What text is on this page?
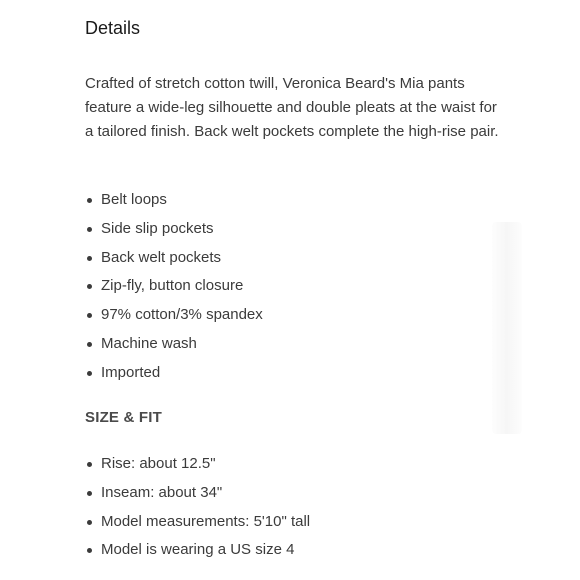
Details

Crafted of stretch cotton twill, Veronica Beard's Mia pants feature a wide-leg silhouette and double pleats at the waist for a tailored finish. Back welt pockets complete the high-rise pair.

Belt loops
Side slip pockets
Back welt pockets
Zip-fly, button closure
97% cotton/3% spandex
Machine wash
Imported
SIZE & FIT
Rise: about 12.5"
Inseam: about 34"
Model measurements: 5'10" tall
Model is wearing a US size 4
